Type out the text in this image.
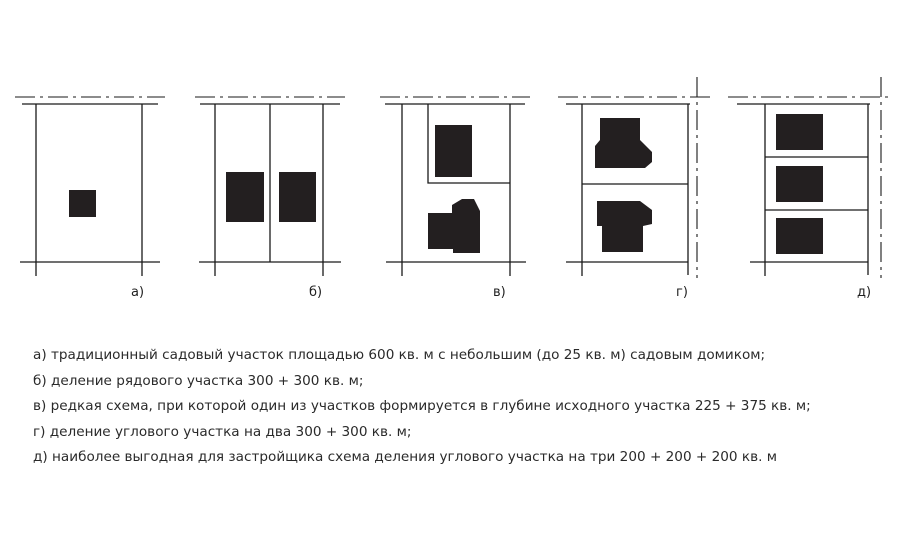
а)	б)	в)	г)	д)
а) традиционный садовый участок площадью 600 кв. м с небольшим (до 25 кв. м) садовым домиком;
б) деление рядового участка 300 + 300 кв. м;
в) редкая схема, при которой один из участков формируется в глубине исходного участка 225 + 375 кв. м;
г) деление углового участка на два 300 + 300 кв. м;
д) наиболее выгодная для застройщика схема деления углового участка на три 200 + 200 + 200 кв. м
